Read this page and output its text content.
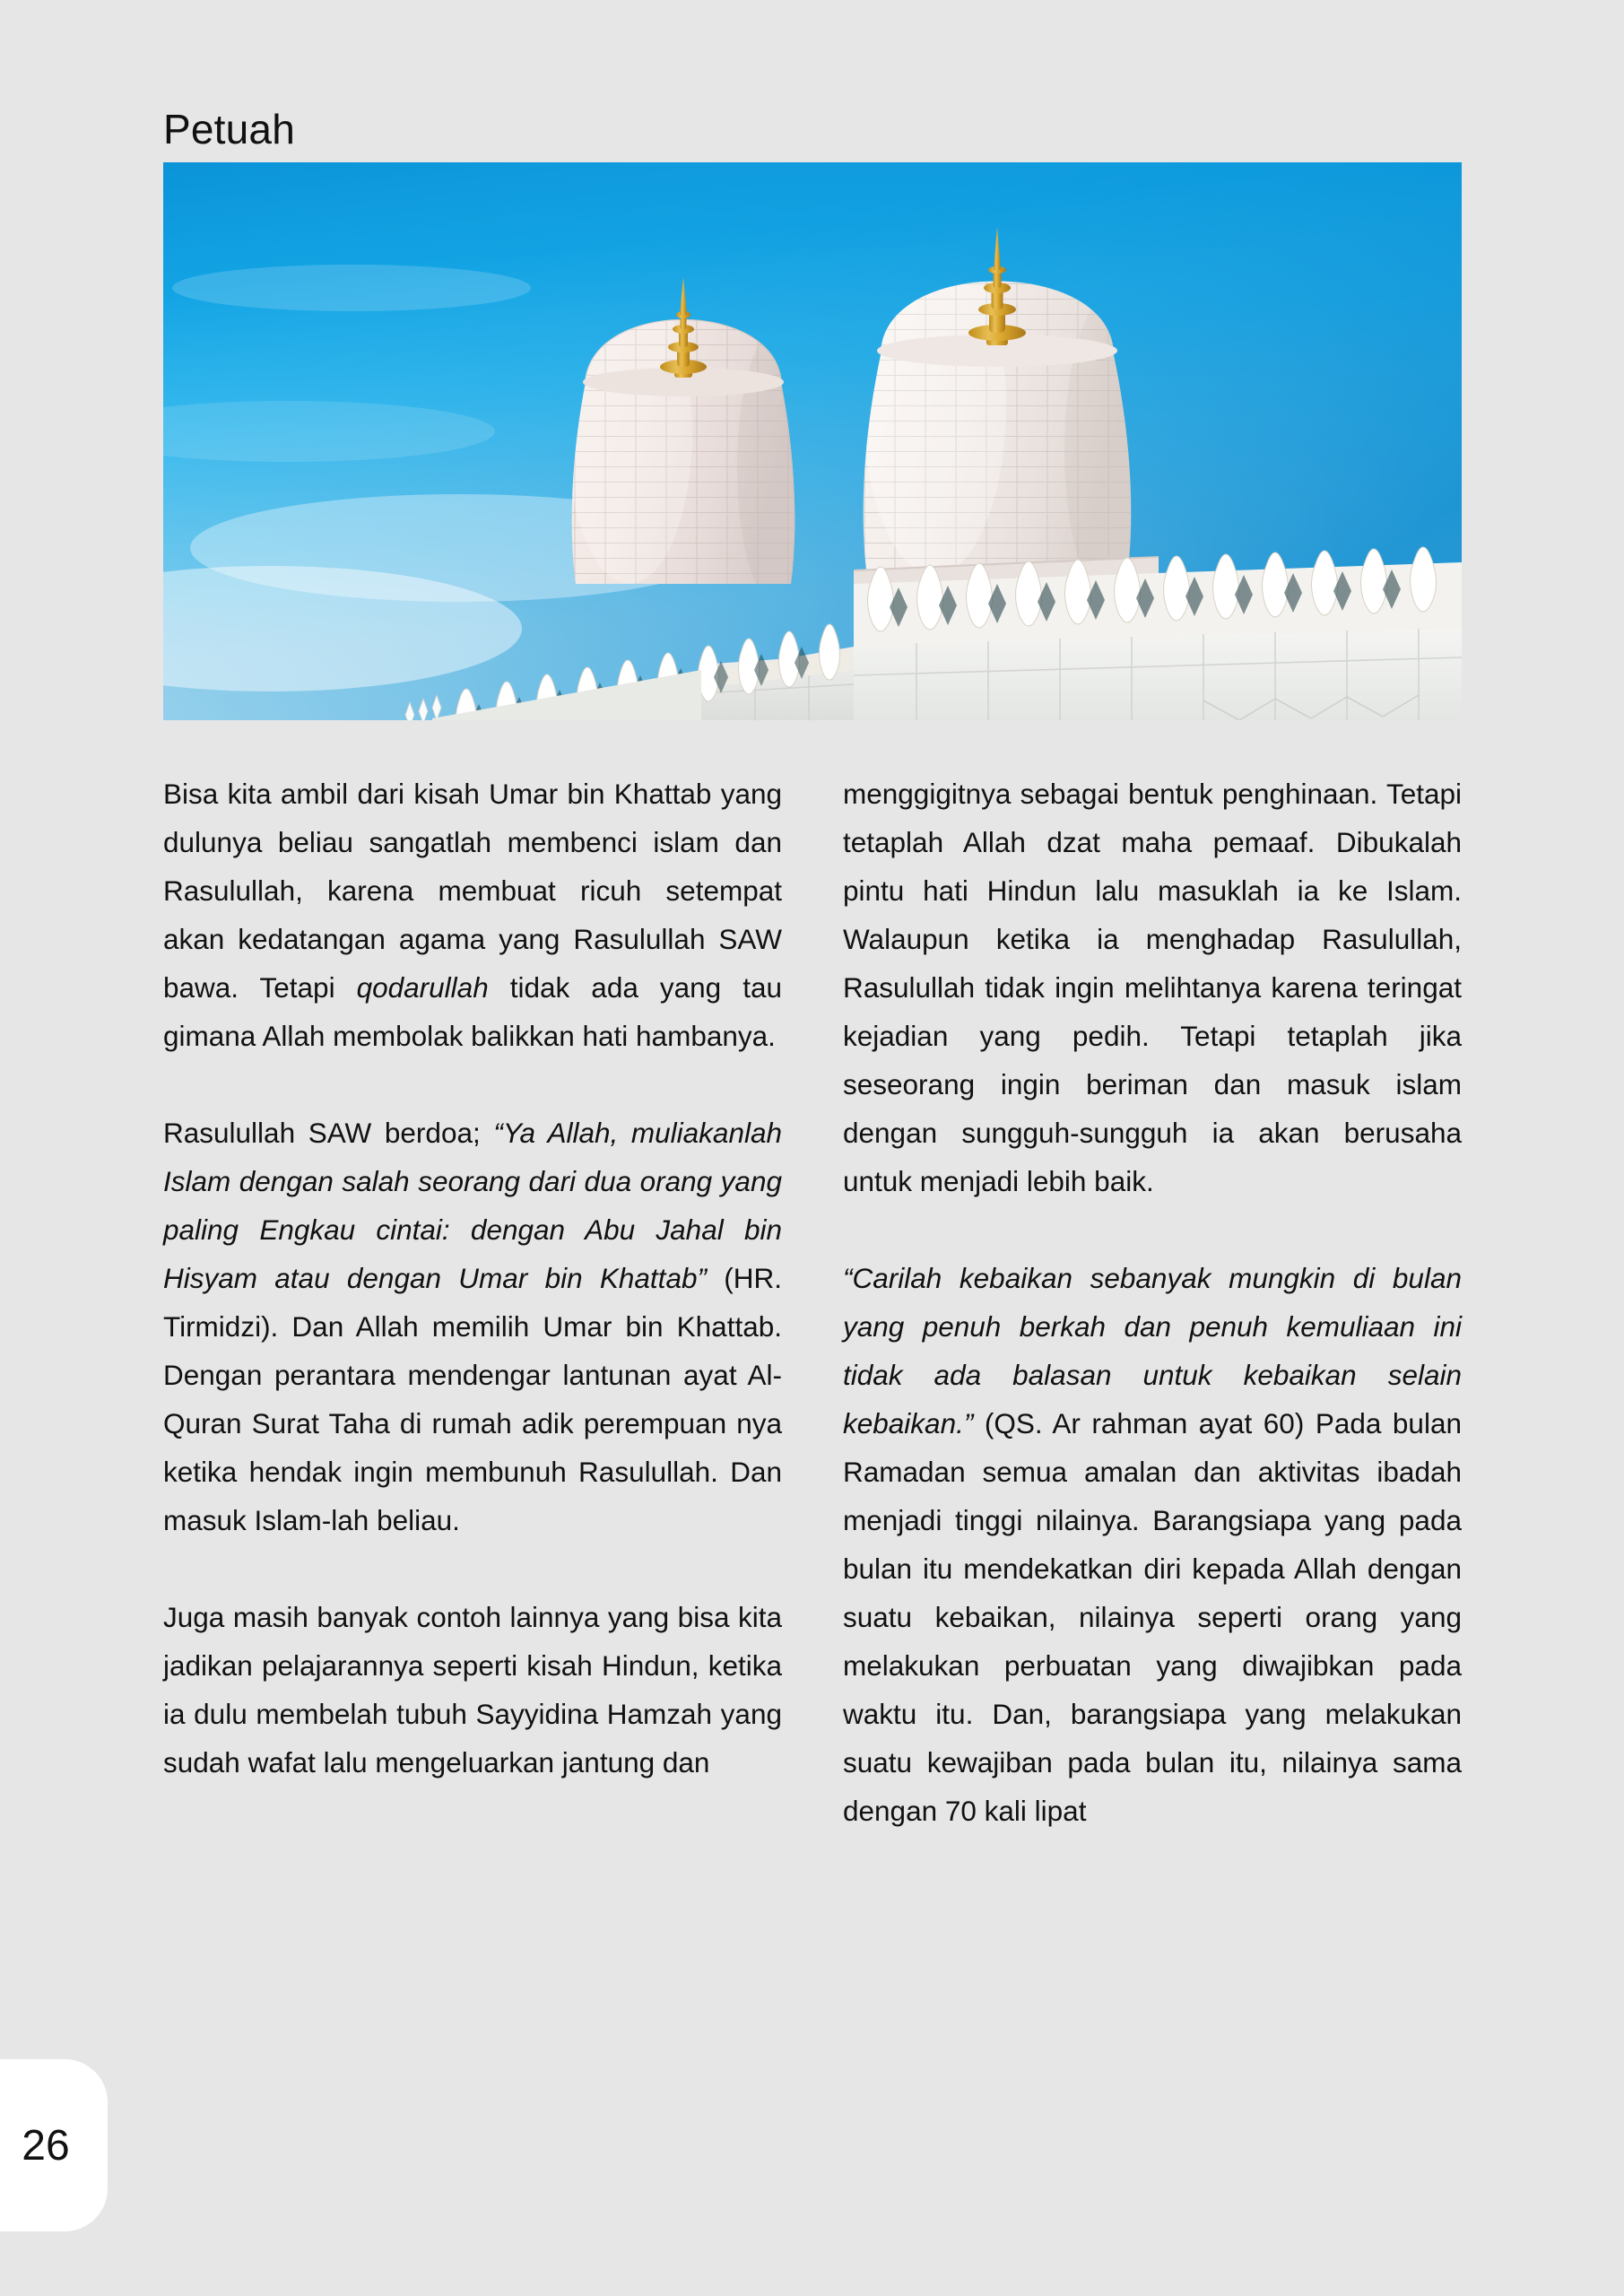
Petuah

Bisa kita ambil dari kisah Umar bin Khattab yang dulunya beliau sangatlah membenci islam dan Rasulullah, karena membuat ricuh setempat akan kedatangan agama yang Rasulullah SAW bawa. Tetapi qodarullah tidak ada yang tau gimana Allah membolak balikkan hati hambanya.

Rasulullah SAW berdoa; “Ya Allah, muliakanlah Islam dengan salah seorang dari dua orang yang paling Engkau cintai: dengan Abu Jahal bin Hisyam atau dengan Umar bin Khattab” (HR. Tirmidzi). Dan Allah memilih Umar bin Khattab. Dengan perantara mendengar lantunan ayat Al-Quran Surat Taha di rumah adik perempuan nya ketika hendak ingin membunuh Rasulullah. Dan masuk Islam-lah beliau.

Juga masih banyak contoh lainnya yang bisa kita jadikan pelajarannya seperti kisah Hindun, ketika ia dulu membelah tubuh Sayyidina Hamzah yang sudah wafat lalu mengeluarkan jantung dan

menggigitnya sebagai bentuk penghinaan. Tetapi tetaplah Allah dzat maha pemaaf. Dibukalah pintu hati Hindun lalu masuklah ia ke Islam. Walaupun ketika ia menghadap Rasulullah, Rasulullah tidak ingin melihtanya karena teringat kejadian yang pedih. Tetapi tetaplah jika seseorang ingin beriman dan masuk islam dengan sungguh-sungguh ia akan berusaha untuk menjadi lebih baik.

“Carilah kebaikan sebanyak mungkin di bulan yang penuh berkah dan penuh kemuliaan ini tidak ada balasan untuk kebaikan selain kebaikan.” (QS. Ar rahman ayat 60) Pada bulan Ramadan semua amalan dan aktivitas ibadah menjadi tinggi nilainya. Barangsiapa yang pada bulan itu mendekatkan diri kepada Allah dengan suatu kebaikan, nilainya seperti orang yang melakukan perbuatan yang diwajibkan pada waktu itu. Dan, barangsiapa yang melakukan suatu kewajiban pada bulan itu, nilainya sama dengan 70 kali lipat

26
